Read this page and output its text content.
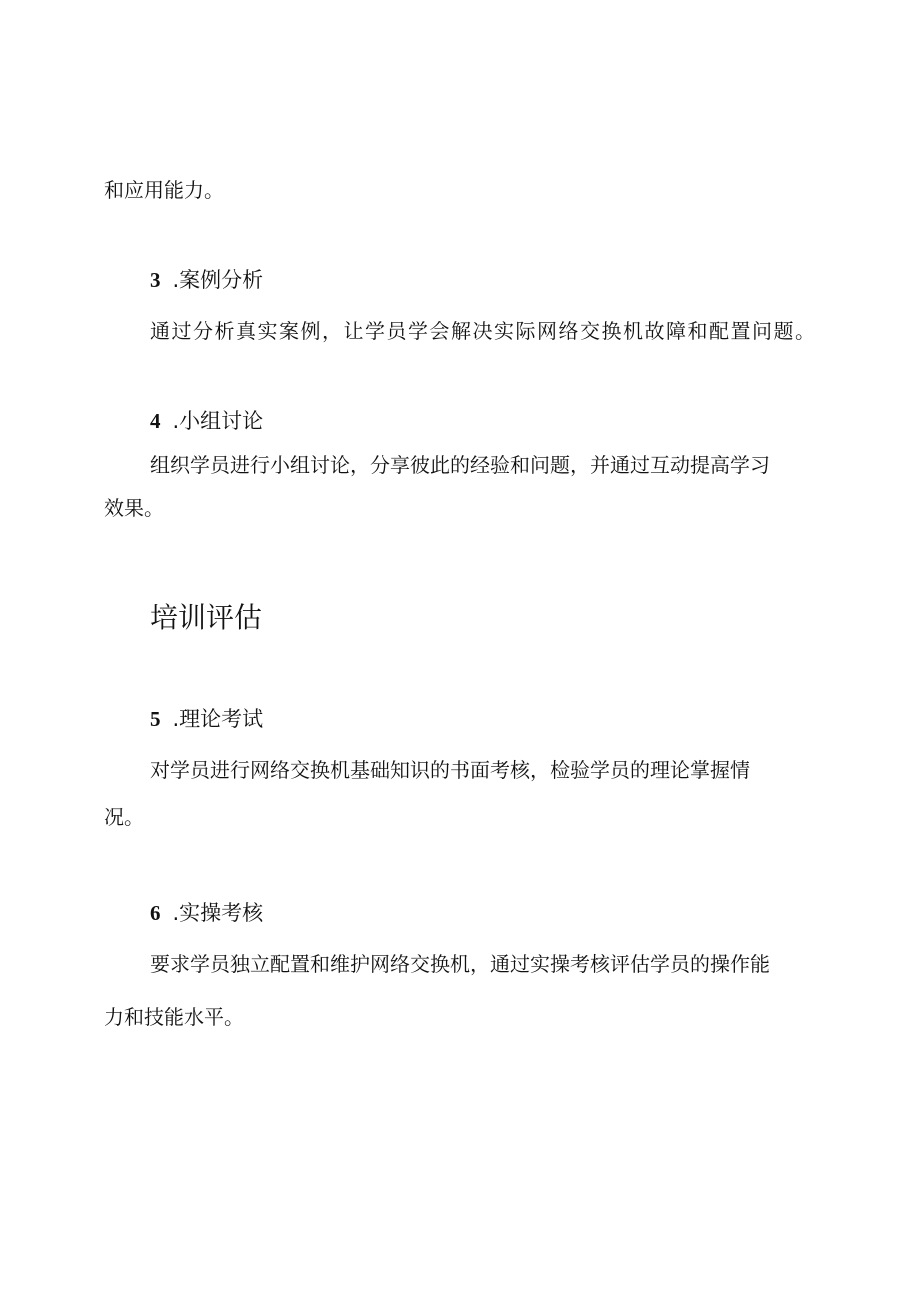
和应用能力。
3 .案例分析
通过分析真实案例，让学员学会解决实际网络交换机故障和配置问题。
4 .小组讨论
组织学员进行小组讨论，分享彼此的经验和问题，并通过互动提高学习
效果。
培训评估
5 .理论考试
对学员进行网络交换机基础知识的书面考核，检验学员的理论掌握情
况。
6 .实操考核
要求学员独立配置和维护网络交换机，通过实操考核评估学员的操作能
力和技能水平。
